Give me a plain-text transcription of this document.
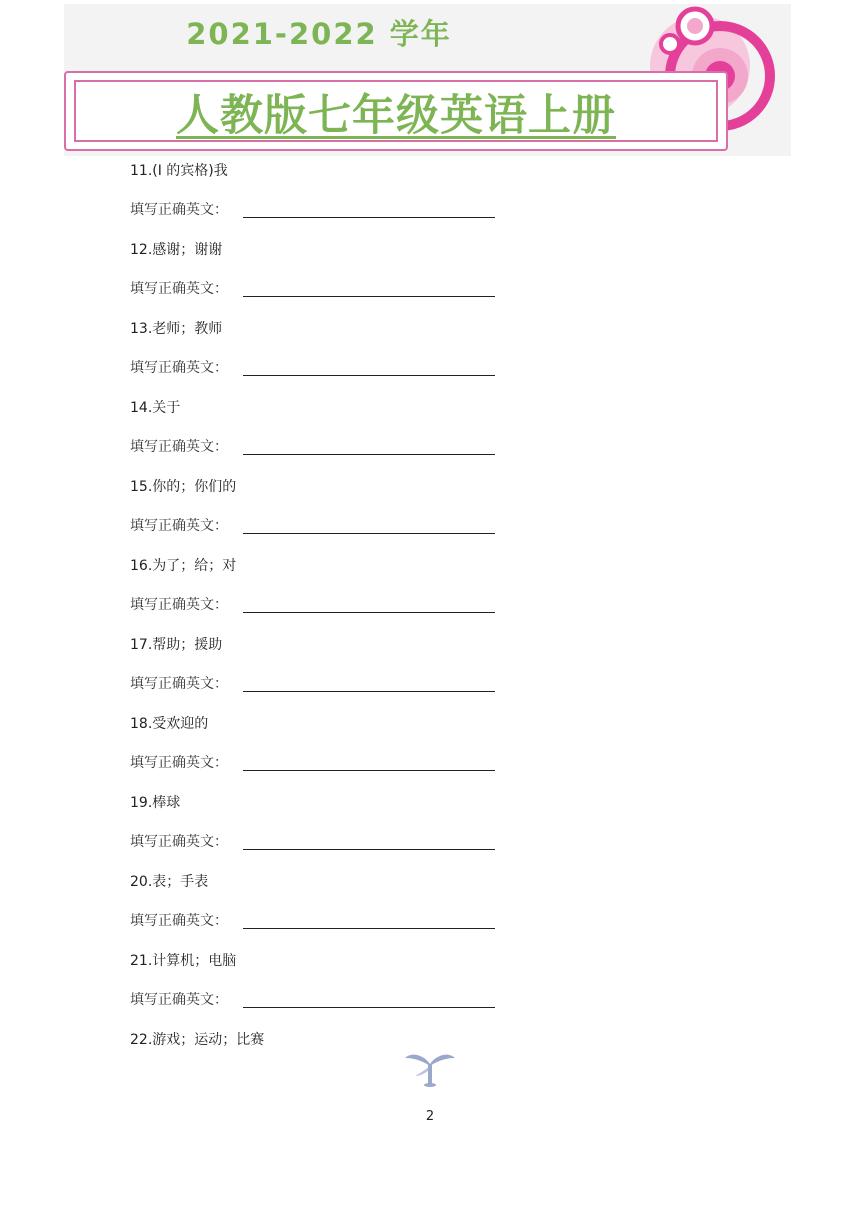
2021-2022 学年
人教版七年级英语上册
11.(I 的宾格)我
填写正确英文：
12.感谢；谢谢
填写正确英文：
13.老师；教师
填写正确英文：
14.关于
填写正确英文：
15.你的；你们的
填写正确英文：
16.为了；给；对
填写正确英文：
17.帮助；援助
填写正确英文：
18.受欢迎的
填写正确英文：
19.棒球
填写正确英文：
20.表；手表
填写正确英文：
21.计算机；电脑
填写正确英文：
22.游戏；运动；比赛
2
